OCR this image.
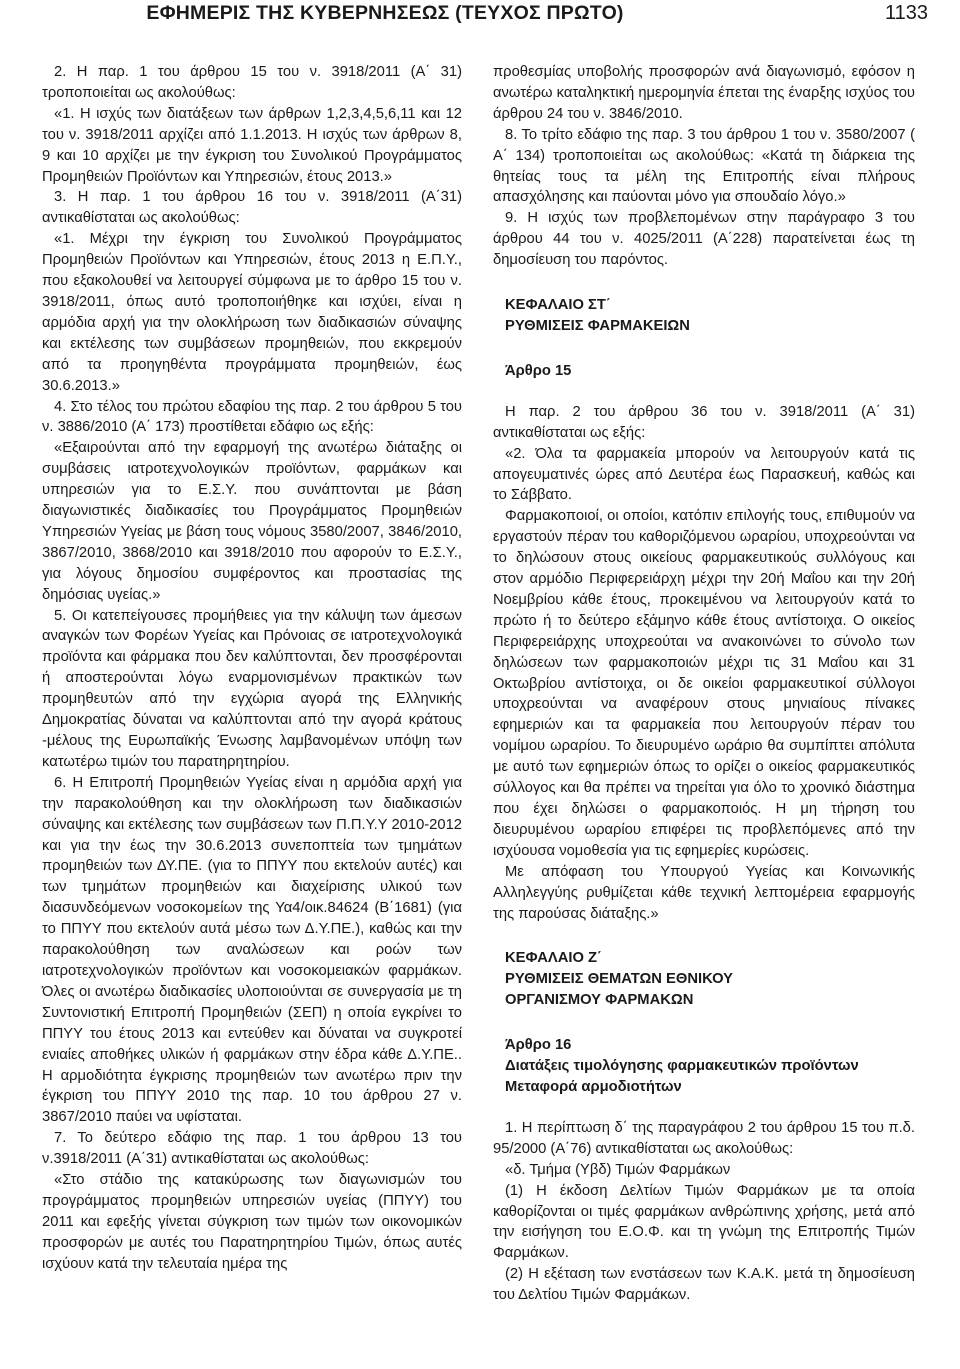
ΕΦΗΜΕΡΙΣ ΤΗΣ ΚΥΒΕΡΝΗΣΕΩΣ (ΤΕΥΧΟΣ ΠΡΩΤΟ)	1133

2. Η παρ. 1 του άρθρου 15 του ν. 3918/2011 (Α΄ 31) τροποποιείται ως ακολούθως:

«1. Η ισχύς των διατάξεων των άρθρων 1,2,3,4,5,6,11 και 12 του ν. 3918/2011 αρχίζει από 1.1.2013. Η ισχύς των άρθρων 8, 9 και 10 αρχίζει με την έγκριση του Συνολικού Προγράμματος Προμηθειών Προϊόντων και Υπηρεσιών, έτους 2013.»

3. Η παρ. 1 του άρθρου 16 του ν. 3918/2011 (Α΄31) αντικαθίσταται ως ακολούθως:

«1. Μέχρι την έγκριση του Συνολικού Προγράμματος Προμηθειών Προϊόντων και Υπηρεσιών, έτους 2013 η Ε.Π.Υ., που εξακολουθεί να λειτουργεί σύμφωνα με το άρθρο 15 του ν. 3918/2011, όπως αυτό τροποποιήθηκε και ισχύει, είναι η αρμόδια αρχή για την ολοκλήρωση των διαδικασιών σύναψης και εκτέλεσης των συμβάσεων προμηθειών, που εκκρεμούν από τα προηγηθέντα προγράμματα προμηθειών, έως 30.6.2013.»

4. Στο τέλος του πρώτου εδαφίου της παρ. 2 του άρθρου 5 του ν. 3886/2010 (Α΄ 173) προστίθεται εδάφιο ως εξής:

«Εξαιρούνται από την εφαρμογή της ανωτέρω διάταξης οι συμβάσεις ιατροτεχνολογικών προϊόντων, φαρμάκων και υπηρεσιών για το Ε.Σ.Υ. που συνάπτονται με βάση διαγωνιστικές διαδικασίες του Προγράμματος Προμηθειών Υπηρεσιών Υγείας με βάση τους νόμους 3580/2007, 3846/2010, 3867/2010, 3868/2010 και 3918/2010 που αφορούν το Ε.Σ.Υ., για λόγους δημοσίου συμφέροντος και προστασίας της δημόσιας υγείας.»

5. Οι κατεπείγουσες προμήθειες για την κάλυψη των άμεσων αναγκών των Φορέων Υγείας και Πρόνοιας σε ιατροτεχνολογικά προϊόντα και φάρμακα που δεν καλύπτονται, δεν προσφέρονται ή αποστερούνται λόγω εναρμονισμένων πρακτικών των προμηθευτών από την εγχώρια αγορά της Ελληνικής Δημοκρατίας δύναται να καλύπτονται από την αγορά κράτους -μέλους της Ευρωπαϊκής Ένωσης λαμβανομένων υπόψη των κατωτέρω τιμών του παρατηρητηρίου.

6. Η Επιτροπή Προμηθειών Υγείας είναι η αρμόδια αρχή για την παρακολούθηση και την ολοκλήρωση των διαδικασιών σύναψης και εκτέλεσης των συμβάσεων των Π.Π.Υ.Υ 2010-2012 και για την έως την 30.6.2013 συνεποπτεία των τμημάτων προμηθειών των ΔΥ.ΠΕ. (για το ΠΠΥΥ που εκτελούν αυτές) και των τμημάτων προμηθειών και διαχείρισης υλικού των διασυνδεόμενων νοσοκομείων της Υα4/οικ.84624 (Β΄1681) (για το ΠΠΥΥ που εκτελούν αυτά μέσω των Δ.Υ.ΠΕ.), καθώς και την παρακολούθηση των αναλώσεων και ροών των ιατροτεχνολογικών προϊόντων και νοσοκομειακών φαρμάκων. Όλες οι ανωτέρω διαδικασίες υλοποιούνται σε συνεργασία με τη Συντονιστική Επιτροπή Προμηθειών (ΣΕΠ) η οποία εγκρίνει το ΠΠΥΥ του έτους 2013 και εντεύθεν και δύναται να συγκροτεί ενιαίες αποθήκες υλικών ή φαρμάκων στην έδρα κάθε Δ.Υ.ΠΕ.. Η αρμοδιότητα έγκρισης προμηθειών των ανωτέρω πριν την έγκριση του ΠΠΥΥ 2010 της παρ. 10 του άρθρου 27 ν. 3867/2010 παύει να υφίσταται.

7. Το δεύτερο εδάφιο της παρ. 1 του άρθρου 13 του ν.3918/2011 (Α΄31) αντικαθίσταται ως ακολούθως:

«Στο στάδιο της κατακύρωσης των διαγωνισμών του προγράμματος προμηθειών υπηρεσιών υγείας (ΠΠΥΥ) του 2011 και εφεξής γίνεται σύγκριση των τιμών των οικονομικών προσφορών με αυτές του Παρατηρητηρίου Τιμών, όπως αυτές ισχύουν κατά την τελευταία ημέρα της

προθεσμίας υποβολής προσφορών ανά διαγωνισμό, εφόσον η ανωτέρω καταληκτική ημερομηνία έπεται της έναρξης ισχύος του άρθρου 24 του ν. 3846/2010.

8. Το τρίτο εδάφιο της παρ. 3 του άρθρου 1 του ν. 3580/2007 ( Α΄ 134) τροποποιείται ως ακολούθως: «Κατά τη διάρκεια της θητείας τους τα μέλη της Επιτροπής είναι πλήρους απασχόλησης και παύονται μόνο για σπουδαίο λόγο.»

9. Η ισχύς των προβλεπομένων στην παράγραφο 3 του άρθρου 44 του ν. 4025/2011 (Α΄228) παρατείνεται έως τη δημοσίευση του παρόντος.

ΚΕΦΑΛΑΙΟ ΣΤ΄

ΡΥΘΜΙΣΕΙΣ ΦΑΡΜΑΚΕΙΩΝ

Άρθρο 15

Η παρ. 2 του άρθρου 36 του ν. 3918/2011 (Α΄ 31) αντικαθίσταται ως εξής:

«2. Όλα τα φαρμακεία μπορούν να λειτουργούν κατά τις απογευματινές ώρες από Δευτέρα έως Παρασκευή, καθώς και το Σάββατο.

Φαρμακοποιοί, οι οποίοι, κατόπιν επιλογής τους, επιθυμούν να εργαστούν πέραν του καθοριζόμενου ωραρίου, υποχρεούνται να το δηλώσουν στους οικείους φαρμακευτικούς συλλόγους και στον αρμόδιο Περιφερειάρχη μέχρι την 20ή Μαΐου και την 20ή Νοεμβρίου κάθε έτους, προκειμένου να λειτουργούν κατά το πρώτο ή το δεύτερο εξάμηνο κάθε έτους αντίστοιχα. Ο οικείος Περιφερειάρχης υποχρεούται να ανακοινώνει το σύνολο των δηλώσεων των φαρμακοποιών μέχρι τις 31 Μαΐου και 31 Οκτωβρίου αντίστοιχα, οι δε οικείοι φαρμακευτικοί σύλλογοι υποχρεούνται να αναφέρουν στους μηνιαίους πίνακες εφημεριών και τα φαρμακεία που λειτουργούν πέραν του νομίμου ωραρίου. Το διευρυμένο ωράριο θα συμπίπτει απόλυτα με αυτό των εφημεριών όπως το ορίζει ο οικείος φαρμακευτικός σύλλογος και θα πρέπει να τηρείται για όλο το χρονικό διάστημα που έχει δηλώσει ο φαρμακοποιός. Η μη τήρηση του διευρυμένου ωραρίου επιφέρει τις προβλεπόμενες από την ισχύουσα νομοθεσία για τις εφημερίες κυρώσεις.

Με απόφαση του Υπουργού Υγείας και Κοινωνικής Αλληλεγγύης ρυθμίζεται κάθε τεχνική λεπτομέρεια εφαρμογής της παρούσας διάταξης.»

ΚΕΦΑΛΑΙΟ Ζ΄

ΡΥΘΜΙΣΕΙΣ ΘΕΜΑΤΩΝ ΕΘΝΙΚΟΥ

ΟΡΓΑΝΙΣΜΟΥ ΦΑΡΜΑΚΩΝ

Άρθρο 16

Διατάξεις τιμολόγησης φαρμακευτικών προϊόντων

Μεταφορά αρμοδιοτήτων

1. Η περίπτωση δ΄ της παραγράφου 2 του άρθρου 15 του π.δ. 95/2000 (Α΄76) αντικαθίσταται ως ακολούθως:

«δ. Τμήμα (Υβδ) Τιμών Φαρμάκων

(1) Η έκδοση Δελτίων Τιμών Φαρμάκων με τα οποία καθορίζονται οι τιμές φαρμάκων ανθρώπινης χρήσης, μετά από την εισήγηση του Ε.Ο.Φ. και τη γνώμη της Επιτροπής Τιμών Φαρμάκων.

(2) Η εξέταση των ενστάσεων των Κ.Α.Κ. μετά τη δημοσίευση του Δελτίου Τιμών Φαρμάκων.
